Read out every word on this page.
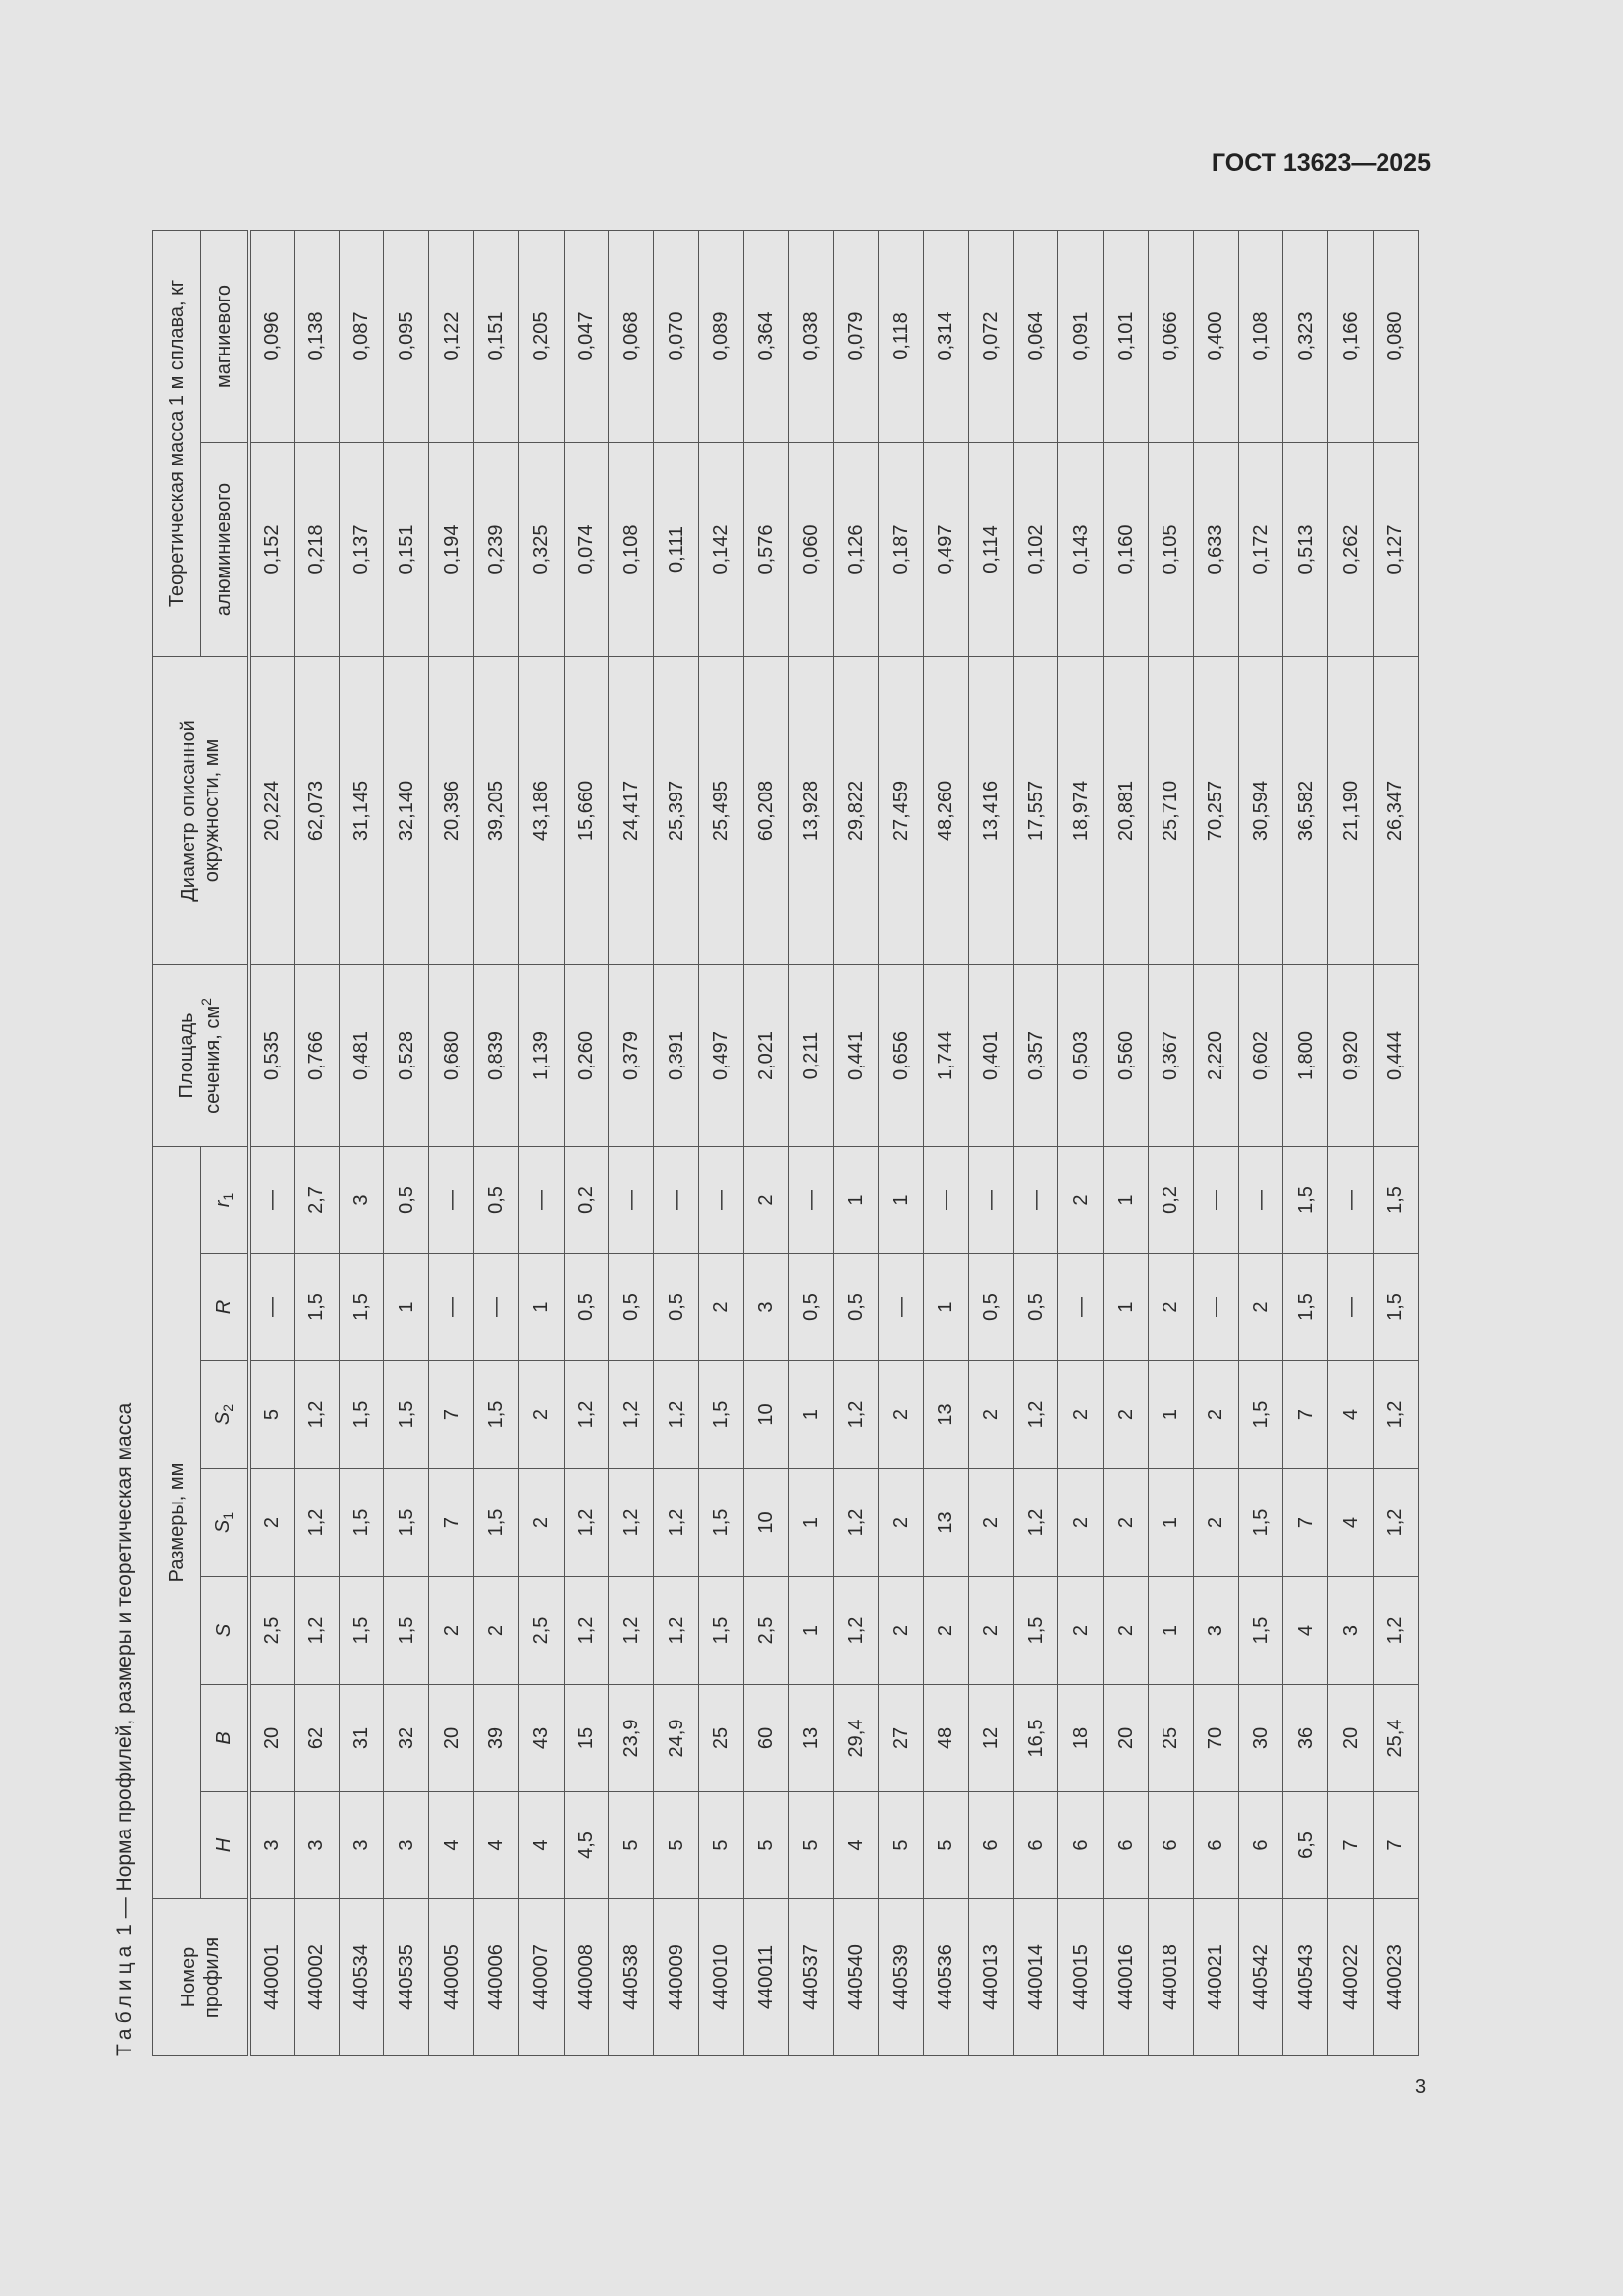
ГОСТ 13623—2025
Таблица 1 — Норма профилей, размеры и теоретическая масса
Номер профиля	Размеры, мм							Площадь сечения, $см^2$	Диаметр описанной окружности, мм	Теоретическая масса 1 м сплава, кг	
	H	B	S	$S_1$	$S_2$	R	$r_1$			алюминиевого	магниевого
440001	3	20	2,5	2	5	—	—	0,535	20,224	0,152	0,096
440002	3	62	1,2	1,2	1,2	1,5	2,7	0,766	62,073	0,218	0,138
440534	3	31	1,5	1,5	1,5	1,5	3	0,481	31,145	0,137	0,087
440535	3	32	1,5	1,5	1,5	1	0,5	0,528	32,140	0,151	0,095
440005	4	20	2	7	7	—	—	0,680	20,396	0,194	0,122
440006	4	39	2	1,5	1,5	—	0,5	0,839	39,205	0,239	0,151
440007	4	43	2,5	2	2	1	—	1,139	43,186	0,325	0,205
440008	4,5	15	1,2	1,2	1,2	0,5	0,2	0,260	15,660	0,074	0,047
440538	5	23,9	1,2	1,2	1,2	0,5	—	0,379	24,417	0,108	0,068
440009	5	24,9	1,2	1,2	1,2	0,5	—	0,391	25,397	0,111	0,070
440010	5	25	1,5	1,5	1,5	2	—	0,497	25,495	0,142	0,089
440011	5	60	2,5	10	10	3	2	2,021	60,208	0,576	0,364
440537	5	13	1	1	1	0,5	—	0,211	13,928	0,060	0,038
440540	4	29,4	1,2	1,2	1,2	0,5	1	0,441	29,822	0,126	0,079
440539	5	27	2	2	2	—	1	0,656	27,459	0,187	0,118
440536	5	48	2	13	13	1	—	1,744	48,260	0,497	0,314
440013	6	12	2	2	2	0,5	—	0,401	13,416	0,114	0,072
440014	6	16,5	1,5	1,2	1,2	0,5	—	0,357	17,557	0,102	0,064
440015	6	18	2	2	2	—	2	0,503	18,974	0,143	0,091
440016	6	20	2	2	2	1	1	0,560	20,881	0,160	0,101
440018	6	25	1	1	1	2	0,2	0,367	25,710	0,105	0,066
440021	6	70	3	2	2	—	—	2,220	70,257	0,633	0,400
440542	6	30	1,5	1,5	1,5	2	—	0,602	30,594	0,172	0,108
440543	6,5	36	4	7	7	1,5	1,5	1,800	36,582	0,513	0,323
440022	7	20	3	4	4	—	—	0,920	21,190	0,262	0,166
440023	7	25,4	1,2	1,2	1,2	1,5	1,5	0,444	26,347	0,127	0,080
3
